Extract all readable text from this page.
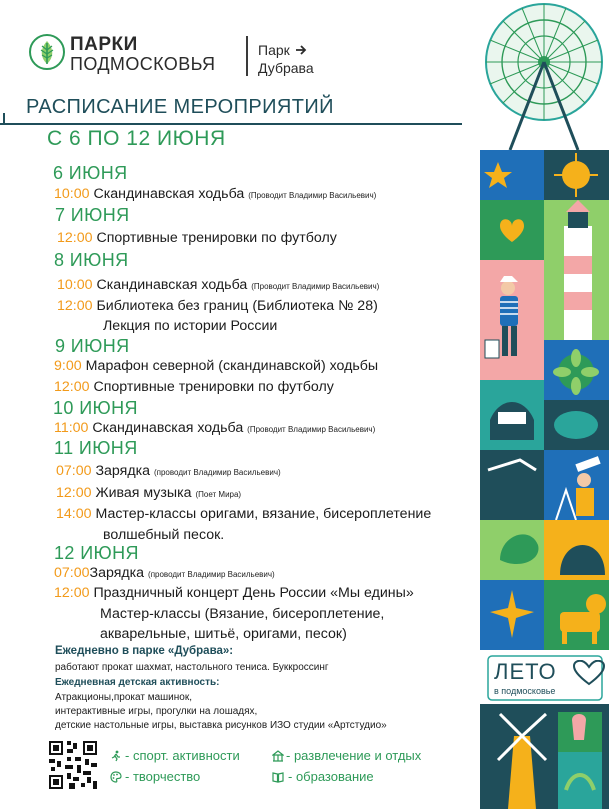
ПАРКИ
ПОДМОСКОВЬЯ
Парк
Дубрава
РАСПИСАНИЕ МЕРОПРИЯТИЙ
С 6 ПО 12 ИЮНЯ
6 ИЮНЯ
10:00 Скандинавская ходьба (Проводит Владимир Васильевич)
7 ИЮНЯ
12:00 Спортивные тренировки по футболу
8 ИЮНЯ
10:00 Скандинавская ходьба (Проводит Владимир Васильевич)
12:00 Библиотека без границ (Библиотека № 28)
Лекция по истории России
9 ИЮНЯ
9:00 Марафон северной (скандинавской) ходьбы
12:00 Спортивные тренировки по футболу
10 ИЮНЯ
11:00 Скандинавская ходьба (Проводит Владимир Васильевич)
11 ИЮНЯ
07:00 Зарядка (проводит Владимир Васильевич)
12:00 Живая музыка (Поет Мира)
14:00 Мастер-классы оригами, вязание, бисероплетение
волшебный песок.
12 ИЮНЯ
07:00Зарядка (проводит Владимир Васильевич)
12:00 Праздничный концерт День России «Мы едины»
Мастер-классы (Вязание, бисероплетение,
акварельные, шитьё, оригами, песок)
Ежедневно в парке «Дубрава»:
работают прокат шахмат, настольного тениса. Буккроссинг
Ежедневная детская активность:
Атракционы,прокат машинок,
интерактивные игры, прогулки на лошадях,
детские настольные игры, выставка рисунков ИЗО студии «Артстудио»
- спорт. активности	- развлечение и отдых
- творчество	- образование
ЛЕТО
в подмосковье
